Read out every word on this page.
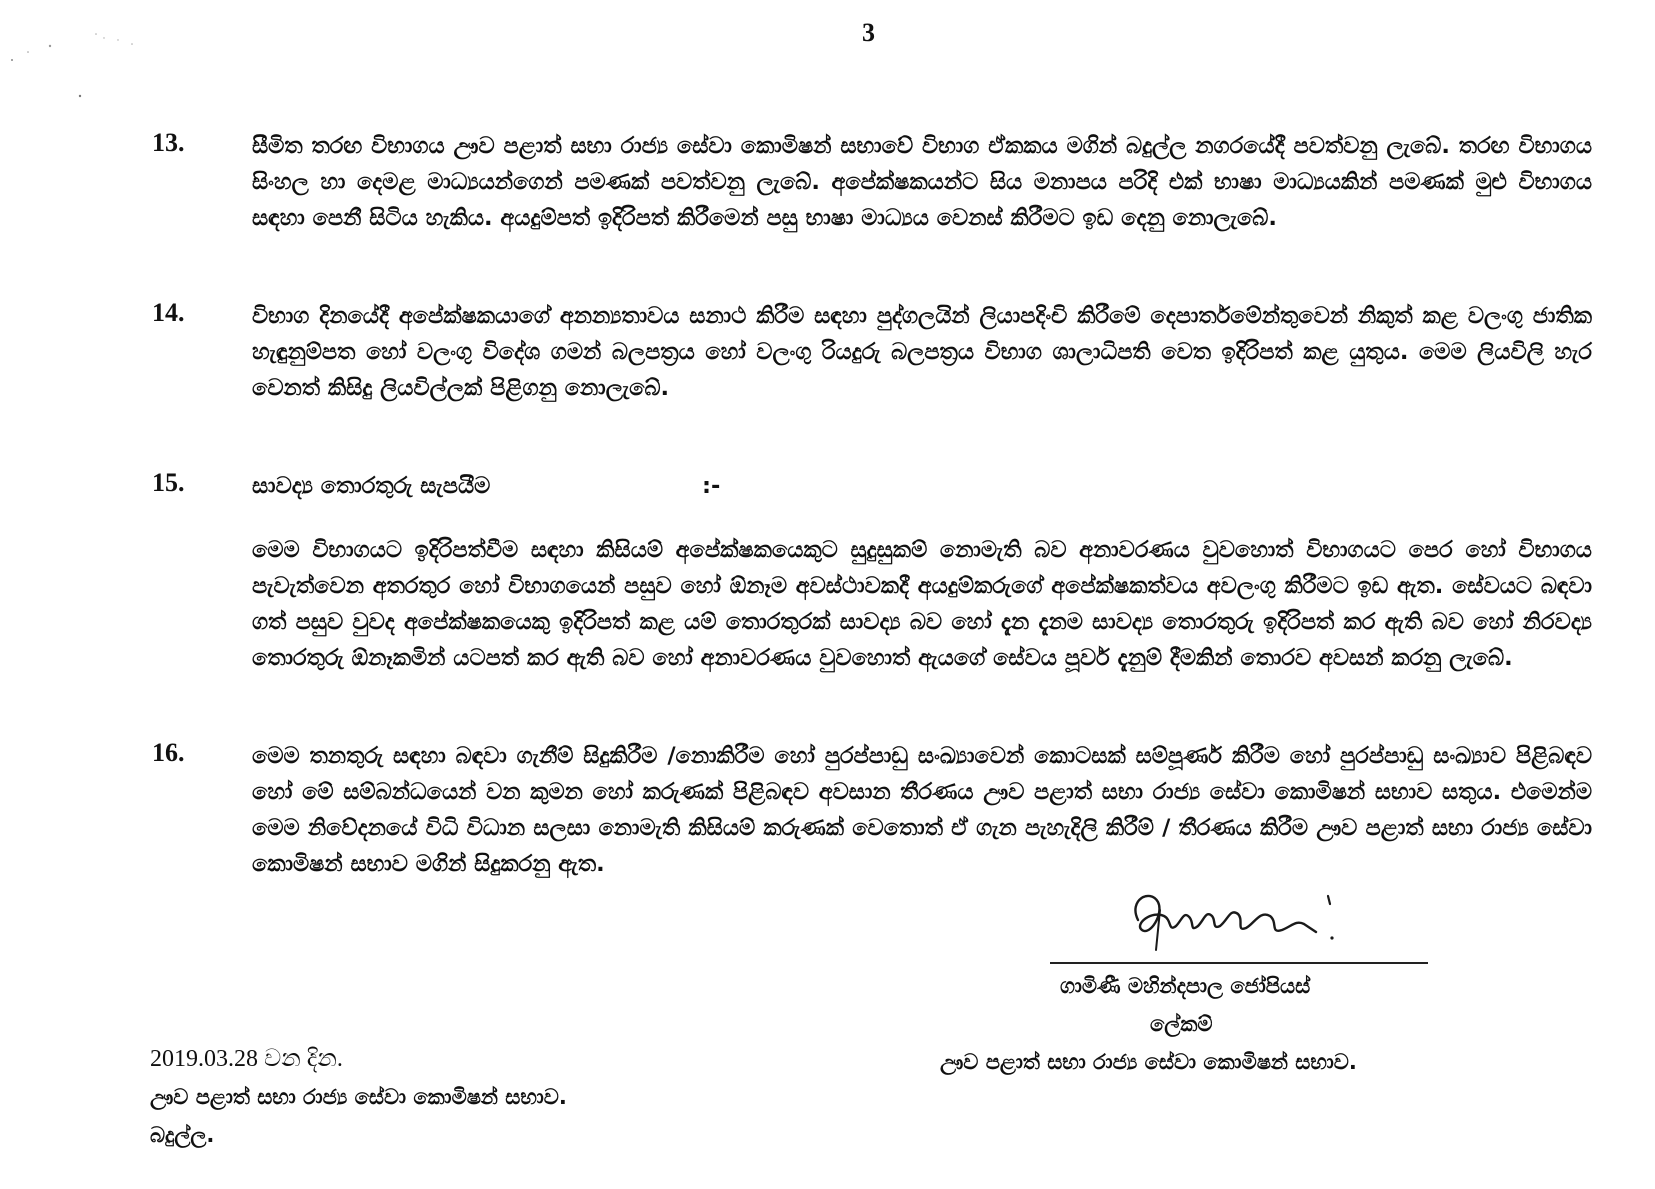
3
13.	සීමිත තරඟ විභාගය ඌව පළාත් සභා රාජ්‍ය සේවා කොමිෂන් සභාවේ විභාග ඒකකය මගින් බදුල්ල නගරයේදී පවත්වනු ලැබේ. තරඟ විභාගය සිංහල හා දෙමළ මාධ්‍යයන්ගෙන් පමණක් පවත්වනු ලැබේ. අපේක්ෂකයන්ට සිය මනාපය පරිදි එක් භාෂා මාධ්‍යයකින් පමණක් මුළු විභාගය සඳහා පෙනී සිටිය හැකිය. අයදුම්පත් ඉදිරිපත් කිරීමෙන් පසු භාෂා මාධ්‍යය වෙනස් කිරීමට ඉඩ දෙනු නොලැබේ.
14.	විභාග දිනයේදී අපේක්ෂකයාගේ අනන්‍යතාවය සනාථ කිරීම සඳහා පුද්ගලයින් ලියාපදිංචි කිරීමේ දෙපාර්තමේන්තුවෙන් නිකුත් කළ වලංගු ජාතික හැඳුනුම්පත හෝ වලංගු විදේශ ගමන් බලපත්‍රය හෝ වලංගු රියදුරු බලපත්‍රය විභාග ශාලාධිපති වෙත ඉදිරිපත් කළ යුතුය. මෙම ලියවිලි හැර වෙනත් කිසිදු ලියවිල්ලක් පිළිගනු නොලැබේ.
15.	සාවද්‍ය තොරතුරු සැපයීම	:-
මෙම විභාගයට ඉදිරිපත්වීම සඳහා කිසියම් අපේක්ෂකයෙකුට සුදුසුකම් නොමැති බව අනාවරණය වුවහොත් විභාගයට පෙර හෝ විභාගය පැවැත්වෙන අතරතුර හෝ විභාගයෙන් පසුව හෝ ඕනෑම අවස්ථාවකදී අයදුම්කරුගේ අපේක්ෂකත්වය අවලංගු කිරීමට ඉඩ ඇත. සේවයට බඳවා ගත් පසුව වුවද අපේක්ෂකයෙකු ඉදිරිපත් කළ යම් තොරතුරක් සාවද්‍ය බව හෝ දැන දැනම සාවද්‍ය තොරතුරු ඉදිරිපත් කර ඇති බව හෝ නිරවද්‍ය තොරතුරු ඕනෑකමින් යටපත් කර ඇති බව හෝ අනාවරණය වුවහොත් ඇයගේ සේවය පූර්ව දැනුම් දීමකින් තොරව අවසන් කරනු ලැබේ.
16.	මෙම තනතුරු සඳහා බඳවා ගැනීම් සිදුකිරීම /නොකිරීම හෝ පුරප්පාඩු සංඛ්‍යාවෙන් කොටසක් සම්පූර්ණ කිරීම හෝ පුරප්පාඩු සංඛ්‍යාව පිළිබඳව හෝ මේ සම්බන්ධයෙන් වන කුමන හෝ කරුණක් පිළිබඳව අවසාන තීරණය ඌව පළාත් සභා රාජ්‍ය සේවා කොමිෂන් සභාව සතුය. එමෙන්ම මෙම නිවේදනයේ විධි විධාන සලසා නොමැති කිසියම් කරුණක් වෙතොත් ඒ ගැන පැහැදිලි කිරීම් / තීරණය කිරීම ඌව පළාත් සභා රාජ්‍ය සේවා කොමිෂන් සභාව මගින් සිදුකරනු ඇත.
ගාමිණී මහින්දපාල ජෝපියස්
ලේකම්
ඌව පළාත් සභා රාජ්‍ය සේවා කොමිෂන් සභාව.
2019.03.28 වන දින.
ඌව පළාත් සභා රාජ්‍ය සේවා කොමිෂන් සභාව.
බදුල්ල.
